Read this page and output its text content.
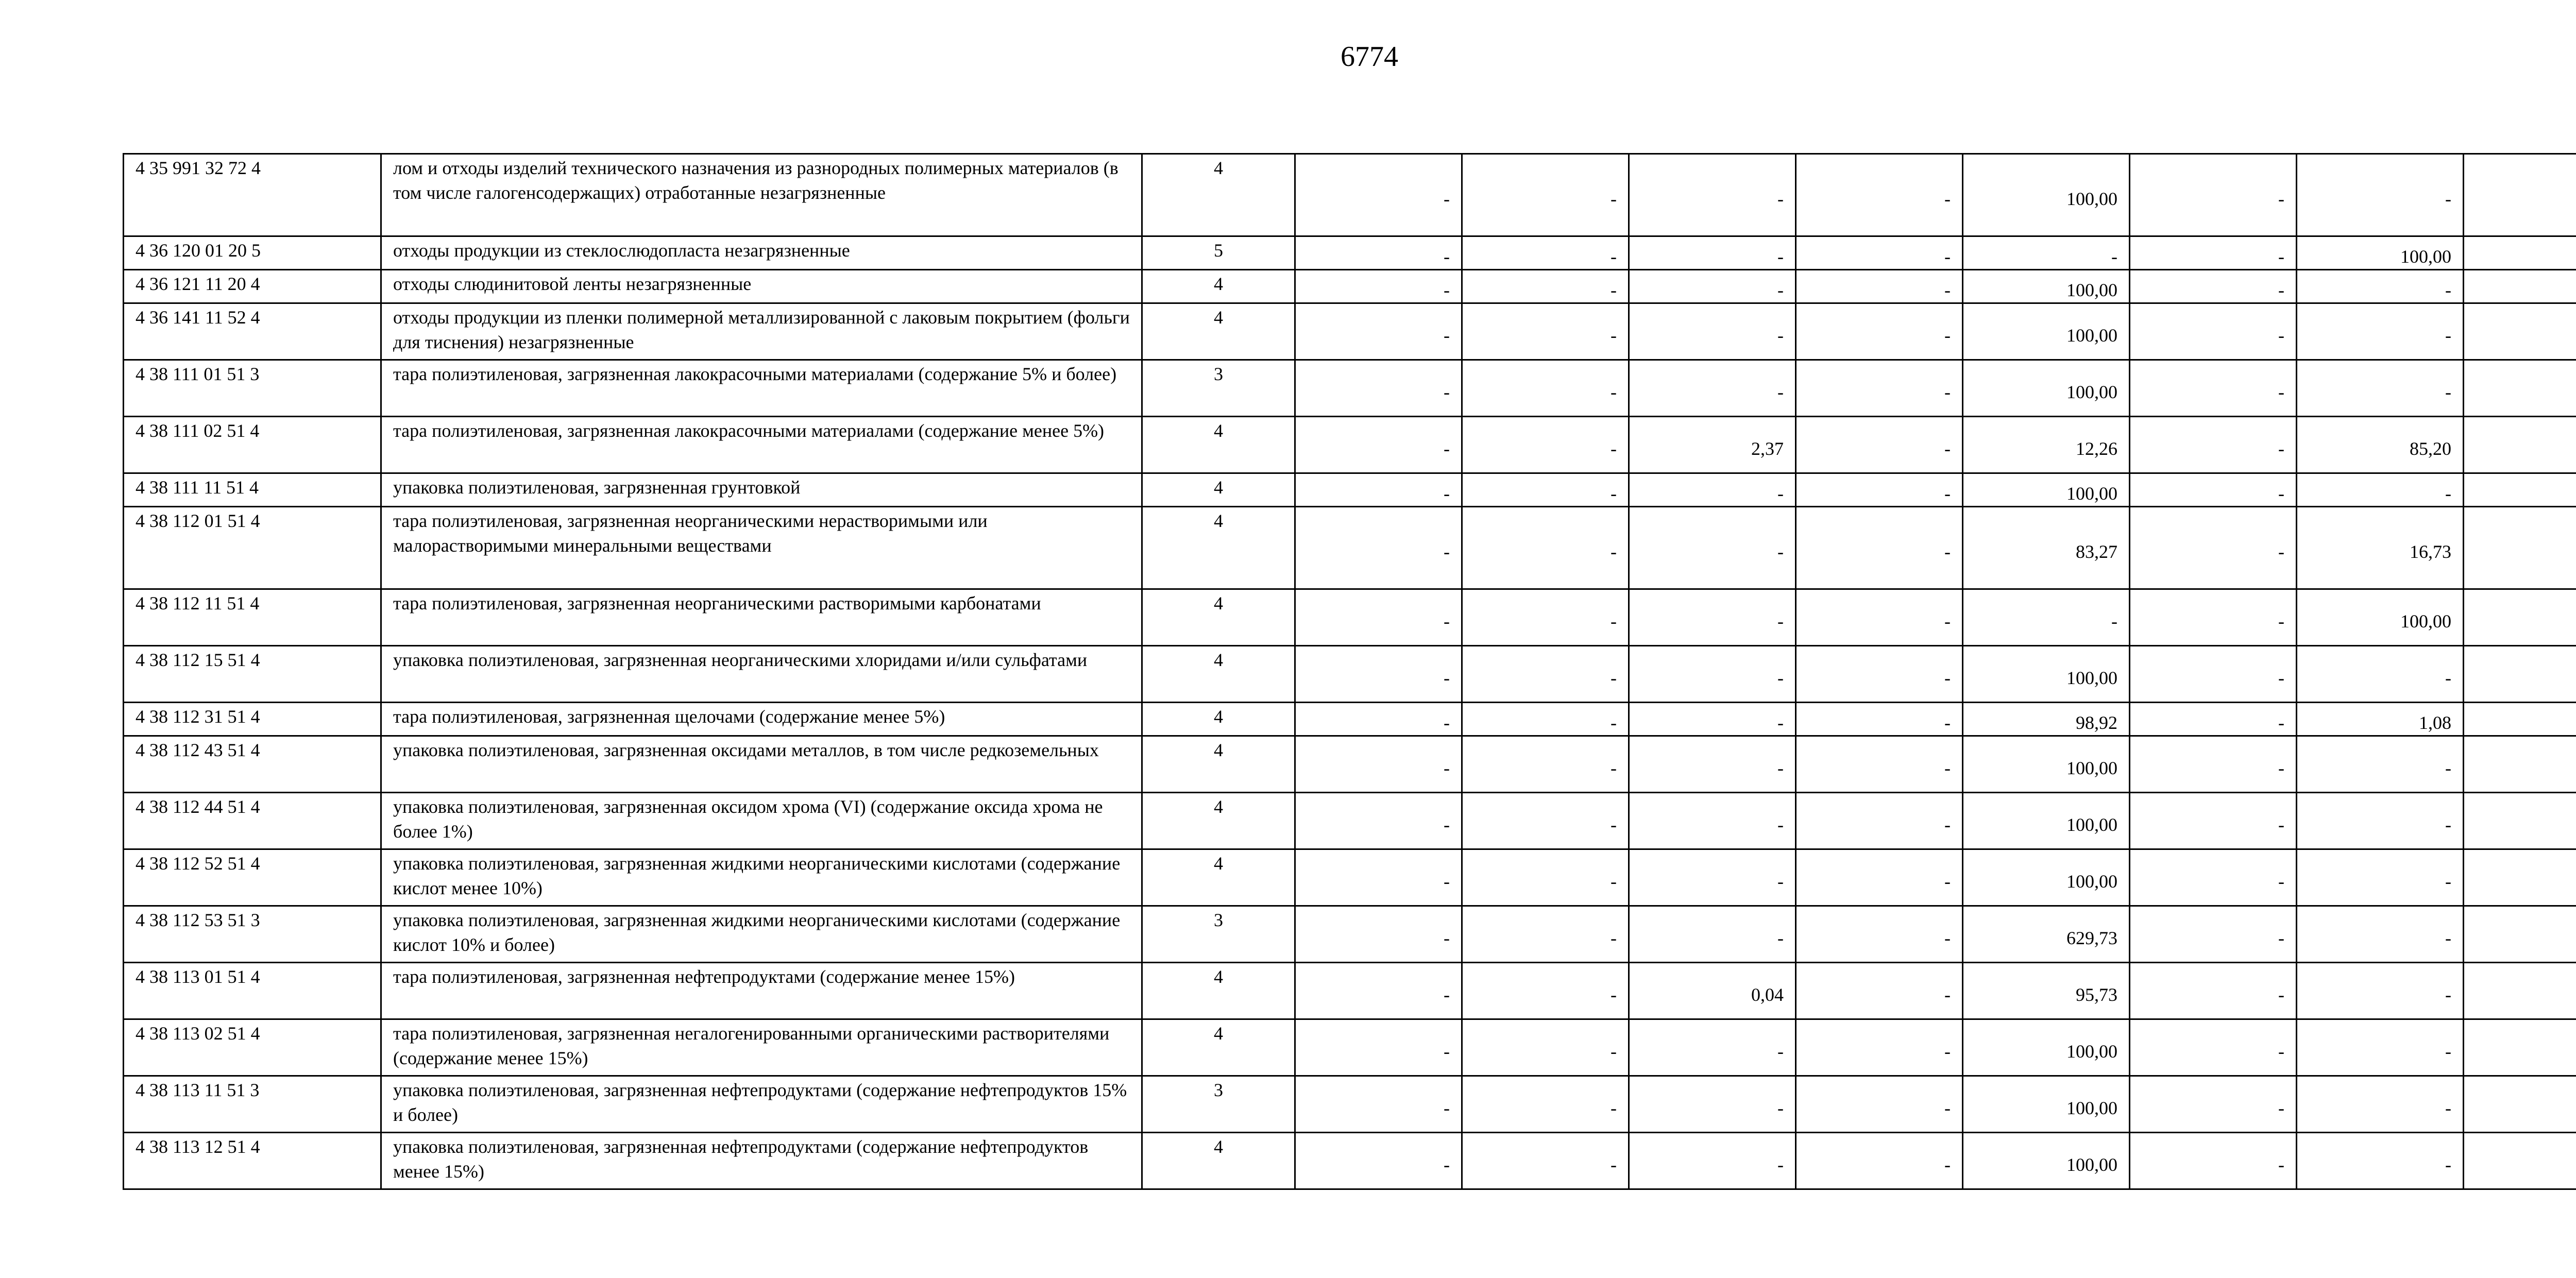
6774
4 35 991 32 72 4	лом и отходы изделий технического назначения из разнородных полимерных материалов (в том числе галогенсодержащих) отработанные незагрязненные	4	-	-	-	-	100,00	-	-	
4 36 120 01 20 5	отходы продукции из стеклослюдопласта незагрязненные	5	-	-	-	-	-	-	100,00	
4 36 121 11 20 4	отходы слюдинитовой ленты незагрязненные	4	-	-	-	-	100,00	-	-	
4 36 141 11 52 4	отходы продукции из пленки полимерной металлизированной с лаковым покрытием (фольги для тиснения) незагрязненные	4	-	-	-	-	100,00	-	-	
4 38 111 01 51 3	тара полиэтиленовая, загрязненная лакокрасочными материалами (содержание 5% и более)	3	-	-	-	-	100,00	-	-	
4 38 111 02 51 4	тара полиэтиленовая, загрязненная лакокрасочными материалами (содержание менее 5%)	4	-	-	2,37	-	12,26	-	85,20	
4 38 111 11 51 4	упаковка полиэтиленовая, загрязненная грунтовкой	4	-	-	-	-	100,00	-	-	
4 38 112 01 51 4	тара полиэтиленовая, загрязненная неорганическими нерастворимыми или малорастворимыми минеральными веществами	4	-	-	-	-	83,27	-	16,73	
4 38 112 11 51 4	тара полиэтиленовая, загрязненная неорганическими растворимыми карбонатами	4	-	-	-	-	-	-	100,00	
4 38 112 15 51 4	упаковка полиэтиленовая, загрязненная неорганическими хлоридами и/или сульфатами	4	-	-	-	-	100,00	-	-	
4 38 112 31 51 4	тара полиэтиленовая, загрязненная щелочами (содержание менее 5%)	4	-	-	-	-	98,92	-	1,08	
4 38 112 43 51 4	упаковка полиэтиленовая, загрязненная оксидами металлов, в том числе редкоземельных	4	-	-	-	-	100,00	-	-	
4 38 112 44 51 4	упаковка полиэтиленовая, загрязненная оксидом хрома (VI) (содержание оксида хрома не более 1%)	4	-	-	-	-	100,00	-	-	
4 38 112 52 51 4	упаковка полиэтиленовая, загрязненная жидкими неорганическими кислотами (содержание кислот менее 10%)	4	-	-	-	-	100,00	-	-	
4 38 112 53 51 3	упаковка полиэтиленовая, загрязненная жидкими неорганическими кислотами (содержание кислот 10% и более)	3	-	-	-	-	629,73	-	-	
4 38 113 01 51 4	тара полиэтиленовая, загрязненная нефтепродуктами (содержание менее 15%)	4	-	-	0,04	-	95,73	-	-	
4 38 113 02 51 4	тара полиэтиленовая, загрязненная негалогенированными органическими растворителями (содержание менее 15%)	4	-	-	-	-	100,00	-	-	
4 38 113 11 51 3	упаковка полиэтиленовая, загрязненная нефтепродуктами (содержание нефтепродуктов 15% и более)	3	-	-	-	-	100,00	-	-	
4 38 113 12 51 4	упаковка полиэтиленовая, загрязненная нефтепродуктами (содержание нефтепродуктов менее 15%)	4	-	-	-	-	100,00	-	-	
